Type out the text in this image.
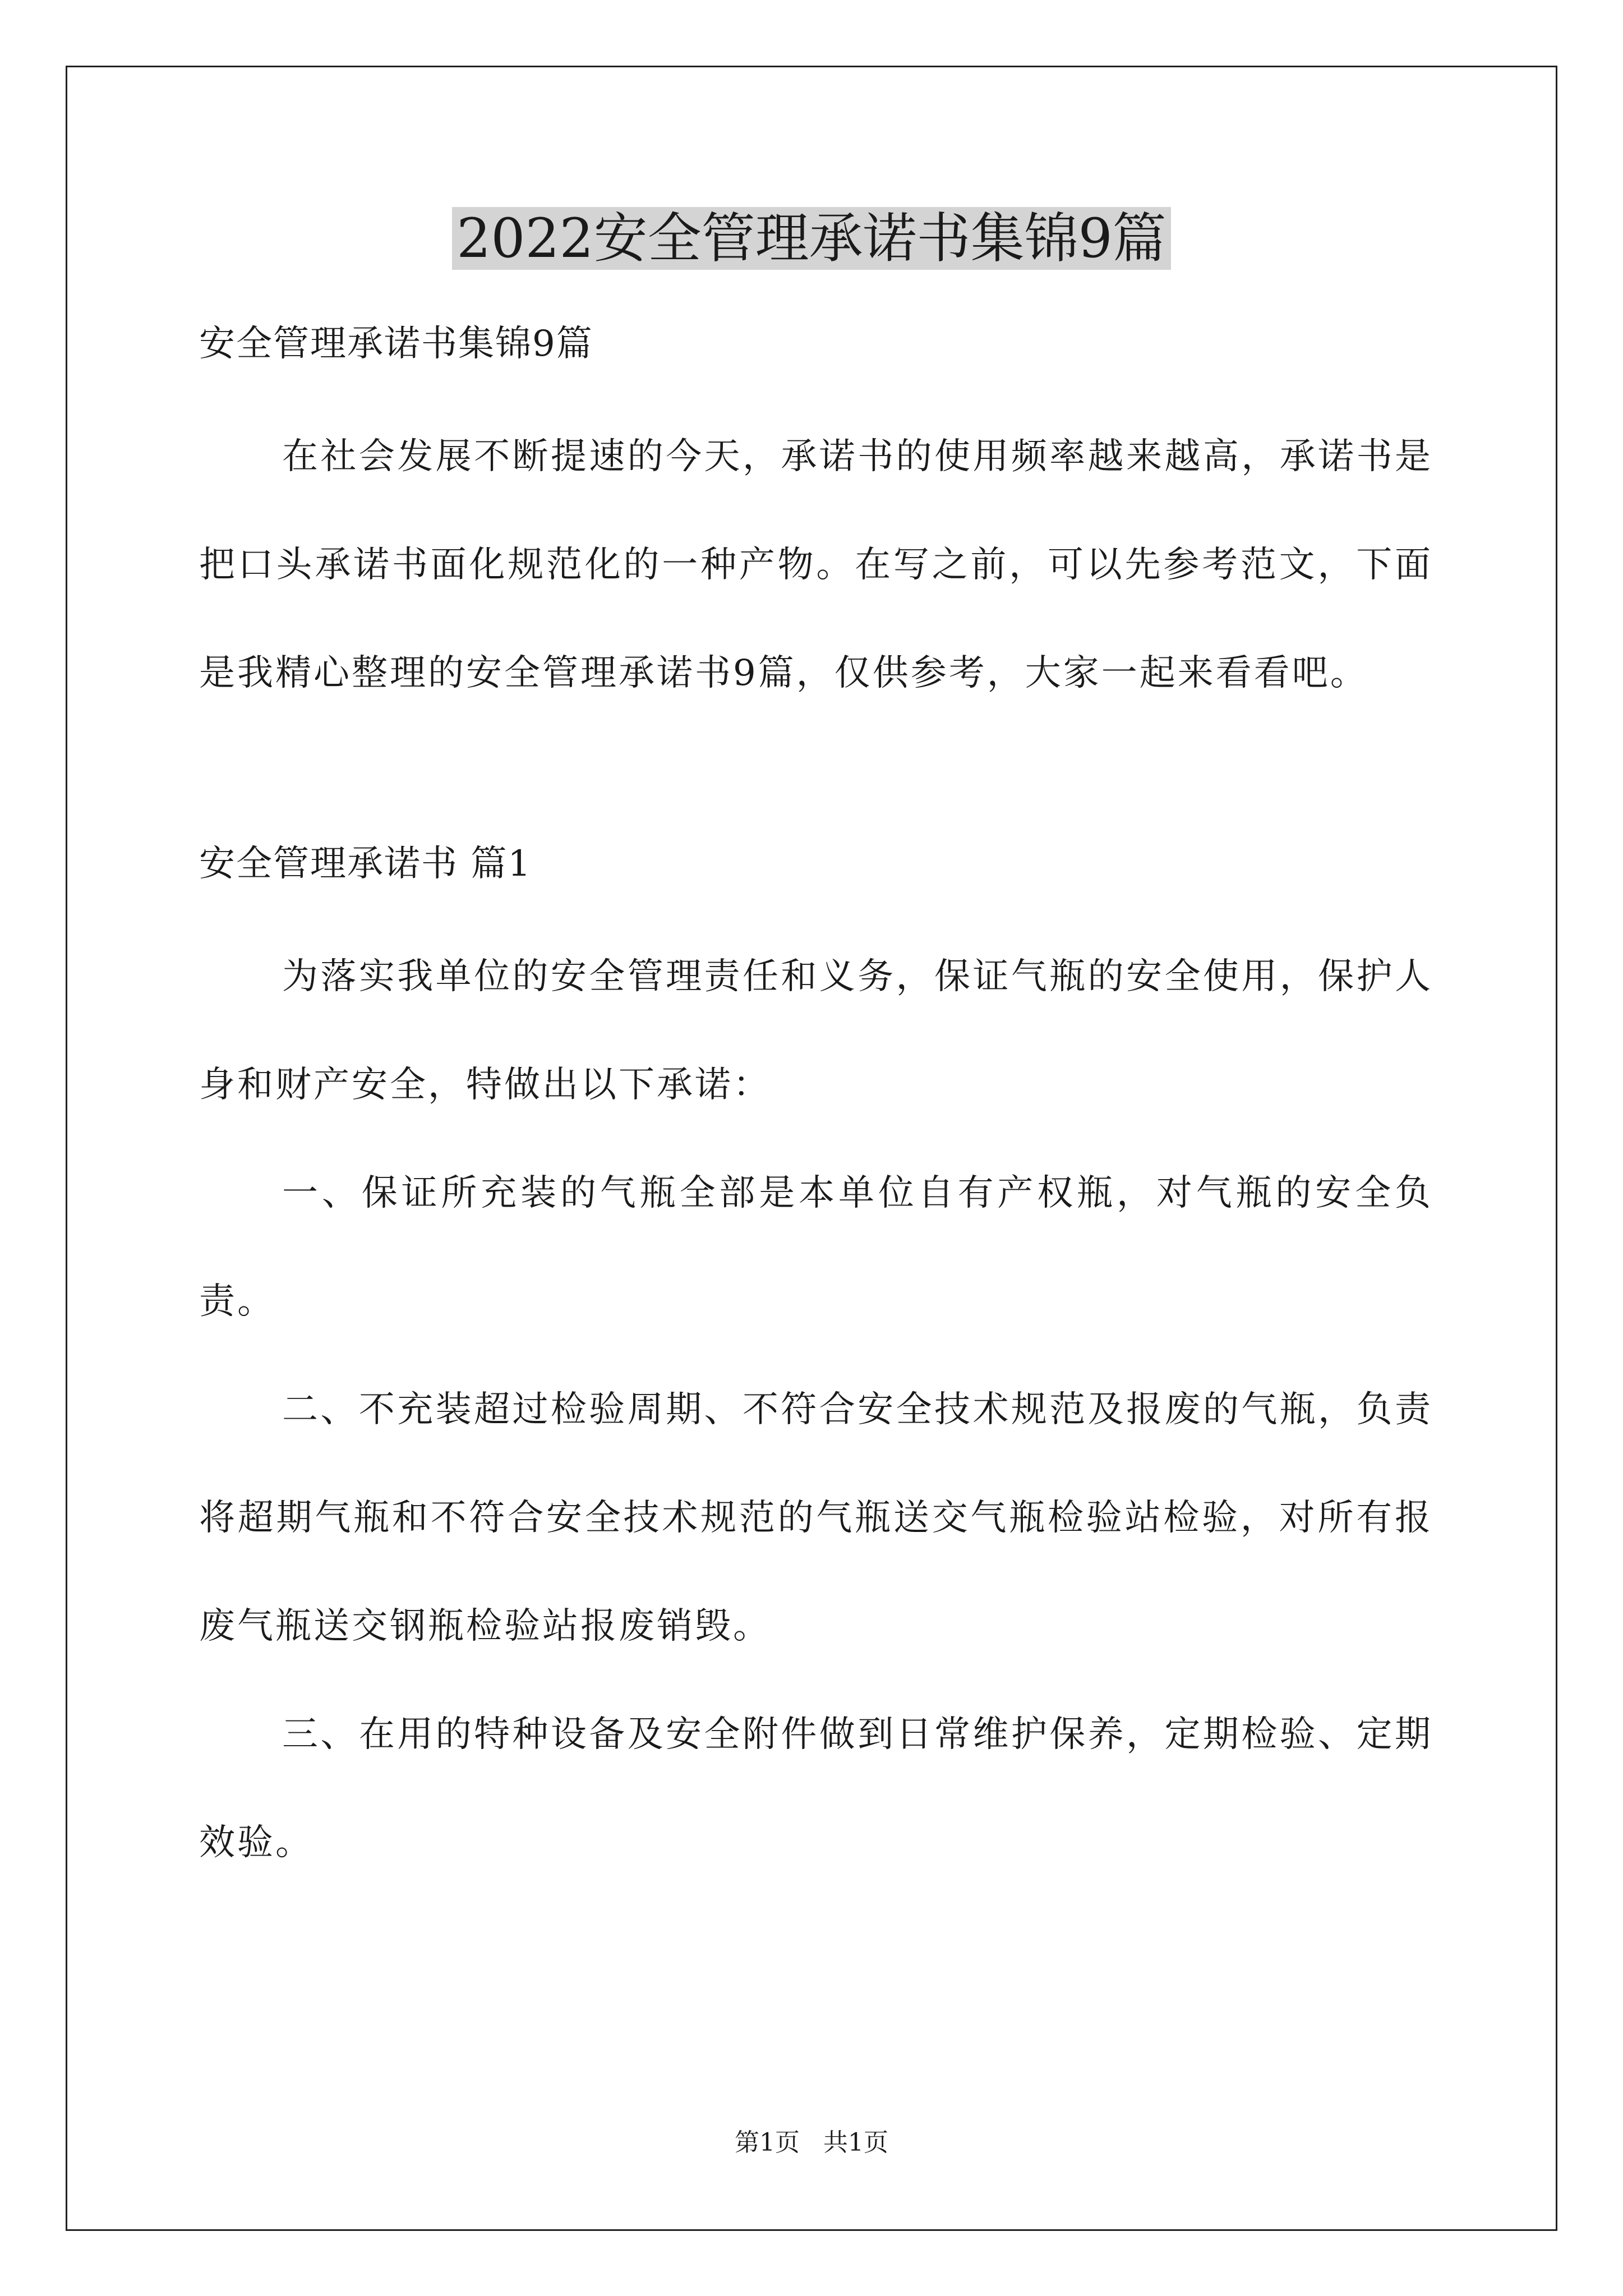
2022安全管理承诺书集锦9篇

安全管理承诺书集锦9篇

在社会发展不断提速的今天，承诺书的使用频率越来越高，承诺书是把口头承诺书面化规范化的一种产物。在写之前，可以先参考范文，下面是我精心整理的安全管理承诺书9篇，仅供参考，大家一起来看看吧。

安全管理承诺书 篇1

为落实我单位的安全管理责任和义务，保证气瓶的安全使用，保护人身和财产安全，特做出以下承诺：

一、保证所充装的气瓶全部是本单位自有产权瓶，对气瓶的安全负责。

二、不充装超过检验周期、不符合安全技术规范及报废的气瓶，负责将超期气瓶和不符合安全技术规范的气瓶送交气瓶检验站检验，对所有报废气瓶送交钢瓶检验站报废销毁。

三、在用的特种设备及安全附件做到日常维护保养，定期检验、定期效验。

第1页   共1页
